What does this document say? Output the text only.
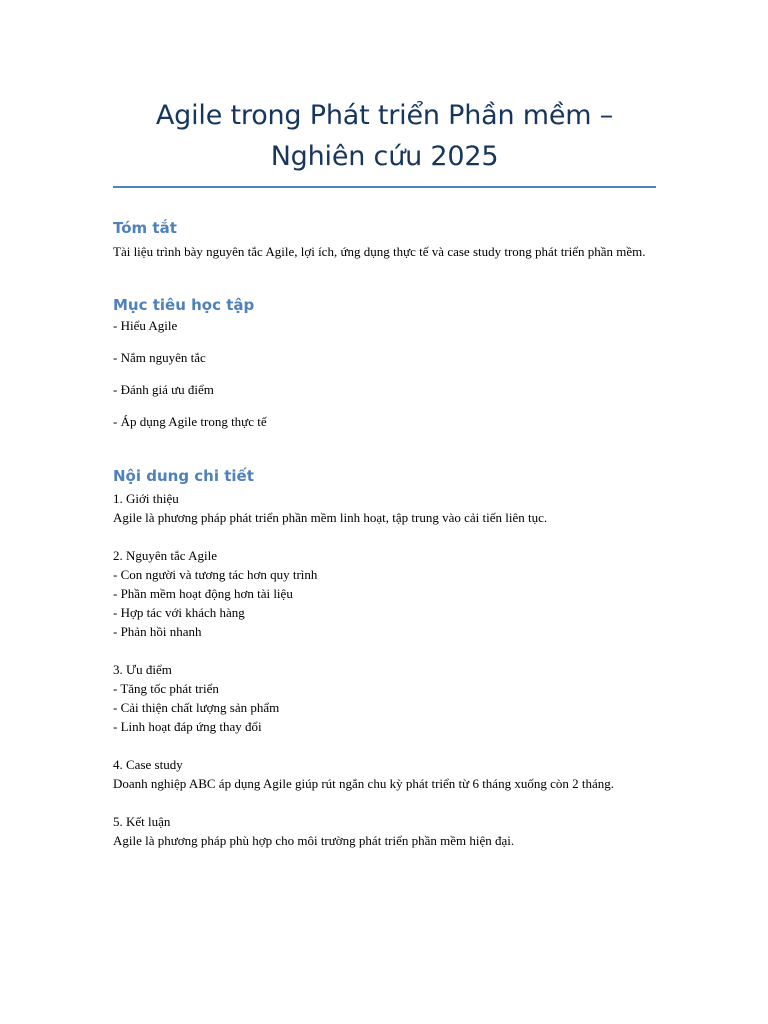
Agile trong Phát triển Phần mềm – Nghiên cứu 2025
Tóm tắt

Tài liệu trình bày nguyên tắc Agile, lợi ích, ứng dụng thực tế và case study trong phát triển phần mềm.

Mục tiêu học tập

- Hiểu Agile

- Nắm nguyên tắc

- Đánh giá ưu điểm

- Áp dụng Agile trong thực tế

Nội dung chi tiết
1. Giới thiệu
Agile là phương pháp phát triển phần mềm linh hoạt, tập trung vào cải tiến liên tục.
2. Nguyên tắc Agile
- Con người và tương tác hơn quy trình
- Phần mềm hoạt động hơn tài liệu
- Hợp tác với khách hàng
- Phản hồi nhanh
3. Ưu điểm
- Tăng tốc phát triển
- Cải thiện chất lượng sản phẩm
- Linh hoạt đáp ứng thay đổi
4. Case study
Doanh nghiệp ABC áp dụng Agile giúp rút ngắn chu kỳ phát triển từ 6 tháng xuống còn 2 tháng.
5. Kết luận
Agile là phương pháp phù hợp cho môi trường phát triển phần mềm hiện đại.
